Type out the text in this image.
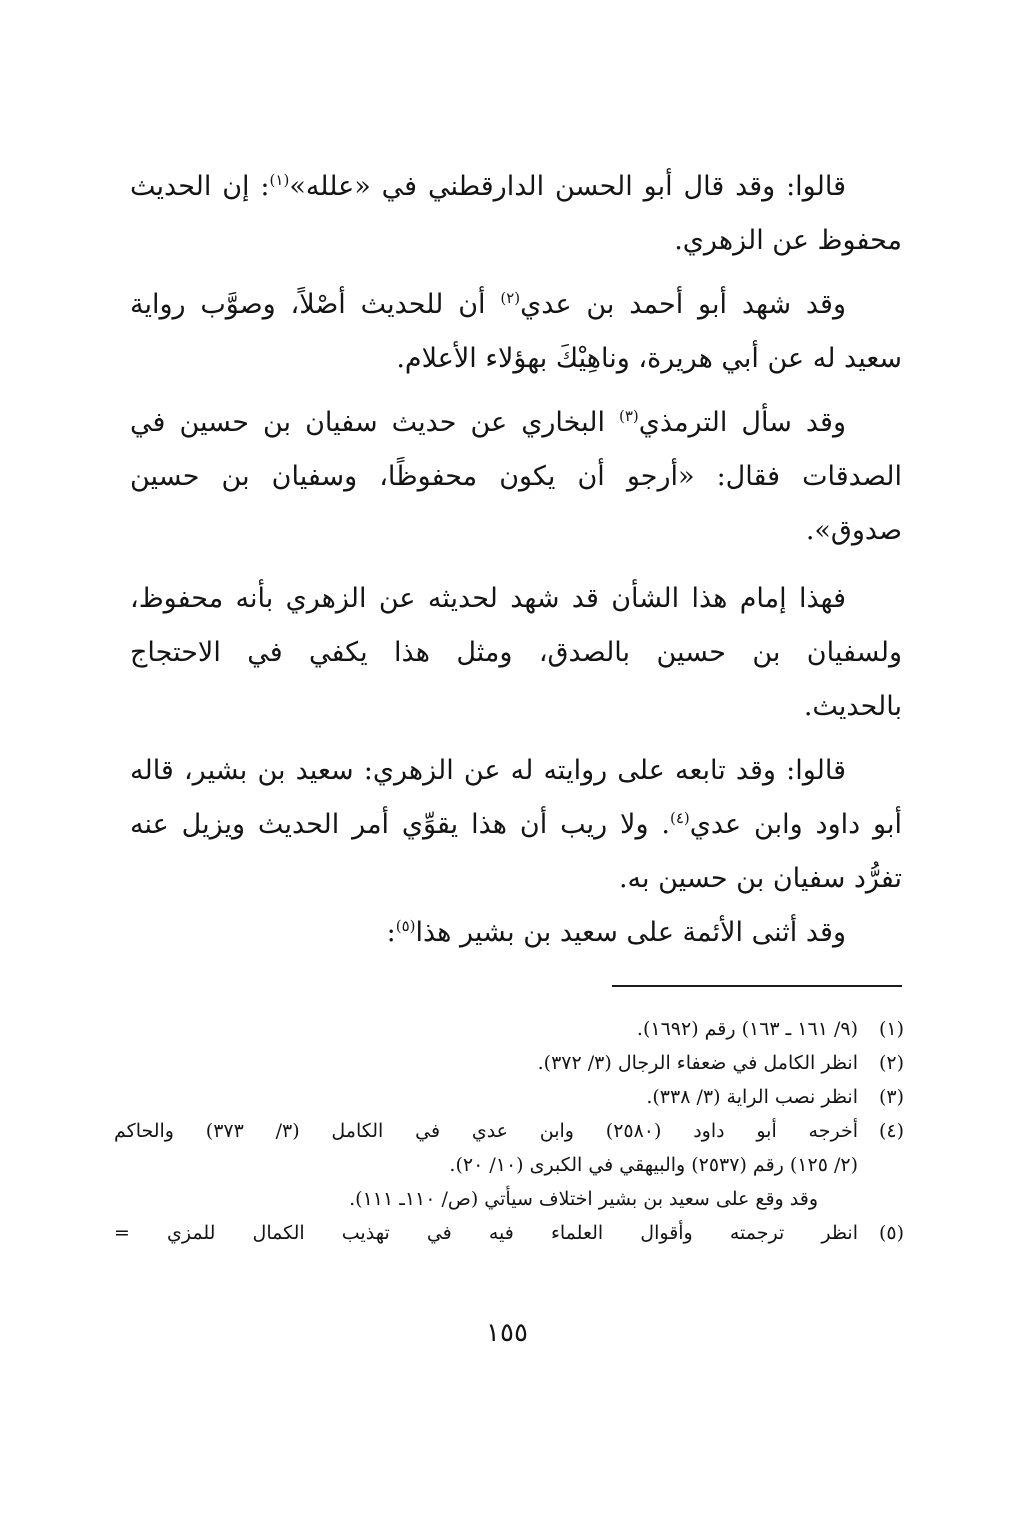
قالوا: وقد قال أبو الحسن الدارقطني في «علله»$^{(١)}$: إن الحديث
محفوظ عن الزهري.

وقد شهد أبو أحمد بن عدي$^{(٢)}$ أن للحديث أصْلاً، وصوَّب رواية
سعيد له عن أبي هريرة، وناهِيْكَ بهؤلاء الأعلام.

وقد سأل الترمذي$^{(٣)}$ البخاري عن حديث سفيان بن حسين في
الصدقات فقال: «أرجو أن يكون محفوظًا، وسفيان بن حسين
صدوق».

فهذا إمام هذا الشأن قد شهد لحديثه عن الزهري بأنه محفوظ،
ولسفيان بن حسين بالصدق، ومثل هذا يكفي في الاحتجاج
بالحديث.

قالوا: وقد تابعه على روايته له عن الزهري: سعيد بن بشير، قاله
أبو داود وابن عدي$^{(٤)}$. ولا ريب أن هذا يقوِّي أمر الحديث ويزيل عنه
تفرُّد سفيان بن حسين به.

وقد أثنى الأئمة على سعيد بن بشير هذا$^{(٥)}$:

(١)
(٩/ ١٦١ ـ ١٦٣) رقم (١٦٩٢).
(٢)
انظر الكامل في ضعفاء الرجال (٣/ ٣٧٢).
(٣)
انظر نصب الراية (٣/ ٣٣٨).
(٤)
أخرجه أبو داود (٢٥٨٠) وابن عدي في الكامل (٣/ ٣٧٣) والحاكم
(٢/ ١٢٥) رقم (٢٥٣٧) والبيهقي في الكبرى (١٠/ ٢٠).
وقد وقع على سعيد بن بشير اختلاف سيأتي (ص/ ١١٠ـ ١١١).
(٥)
انظر ترجمته وأقوال العلماء فيه في تهذيب الكمال للمزي =
١٥٥
